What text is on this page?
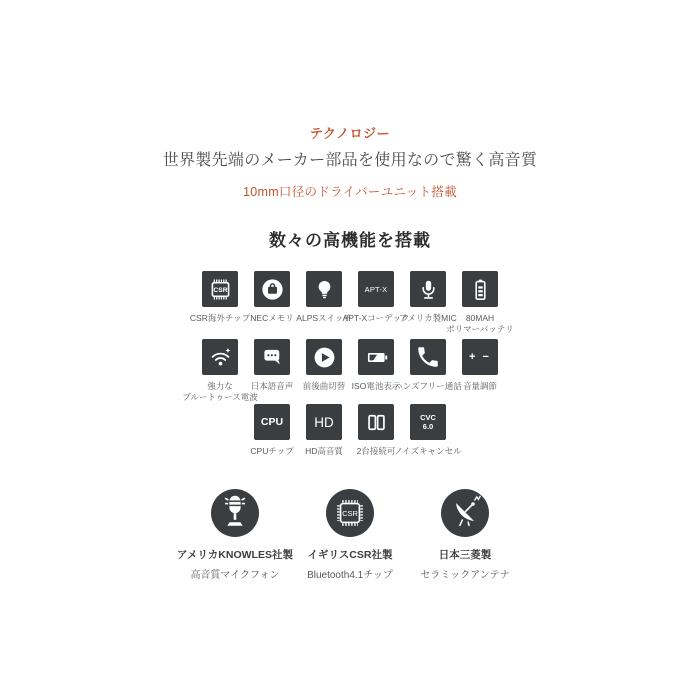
テクノロジー
世界製先端のメーカー部品を使用なので驚く高音質
10mm口径のドライバーユニット搭載
数々の高機能を搭載
CSR
CSR海外チップ NECメモリ ALPSスイッチ
APT-X
APT-Xコーデック
アメリカ製MIC 80MAH
ポリマーバッテリ
強力な
ブルートゥース電波
日本語音声 前後曲切替 ISO電池表示
ハンズフリー通話
+ −
音量調節
CPU
CPUチップ
HD
HD高音質 2台接続可
CVC
6.0
ノイズキャンセル
アメリカKNOWLES社製
高音質マイクフォン
CSR
イギリスCSR社製
Bluetooth4.1チップ
日本三菱製
セラミックアンテナ
